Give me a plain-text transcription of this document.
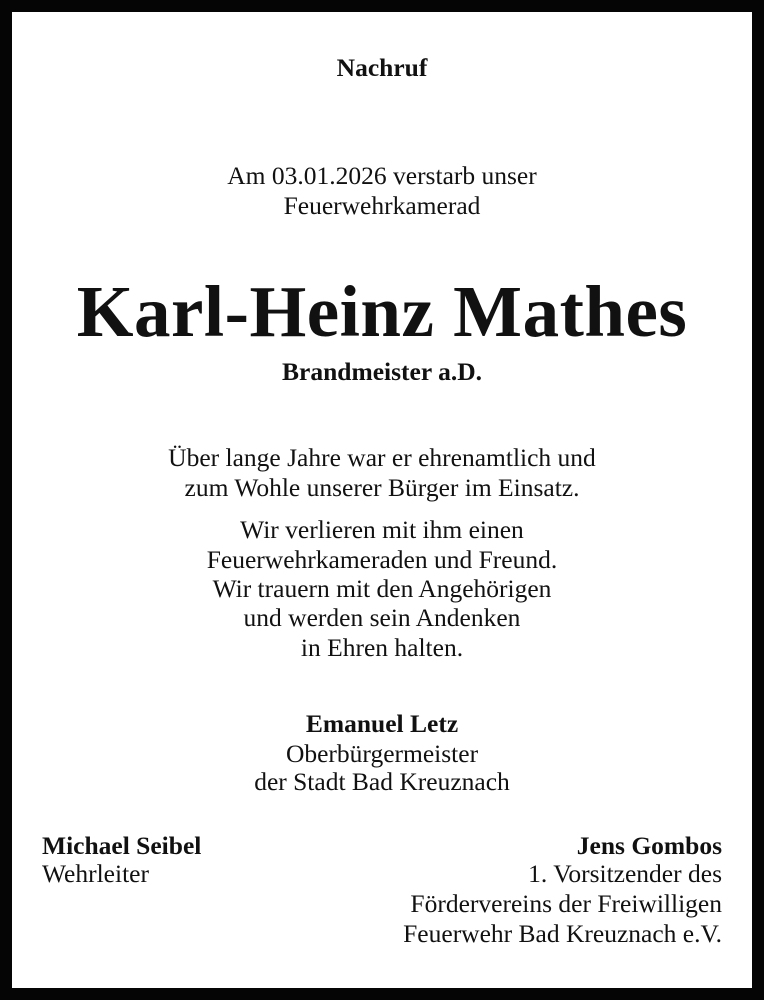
Nachruf
Am 03.01.2026 verstarb unser
Feuerwehrkamerad
Karl-Heinz Mathes
Brandmeister a.D.
Über lange Jahre war er ehrenamtlich und
zum Wohle unserer Bürger im Einsatz.
Wir verlieren mit ihm einen
Feuerwehrkameraden und Freund.
Wir trauern mit den Angehörigen
und werden sein Andenken
in Ehren halten.
Emanuel Letz
Oberbürgermeister
der Stadt Bad Kreuznach
Michael Seibel
Wehrleiter
Jens Gombos
1. Vorsitzender des
Fördervereins der Freiwilligen
Feuerwehr Bad Kreuznach e.V.
